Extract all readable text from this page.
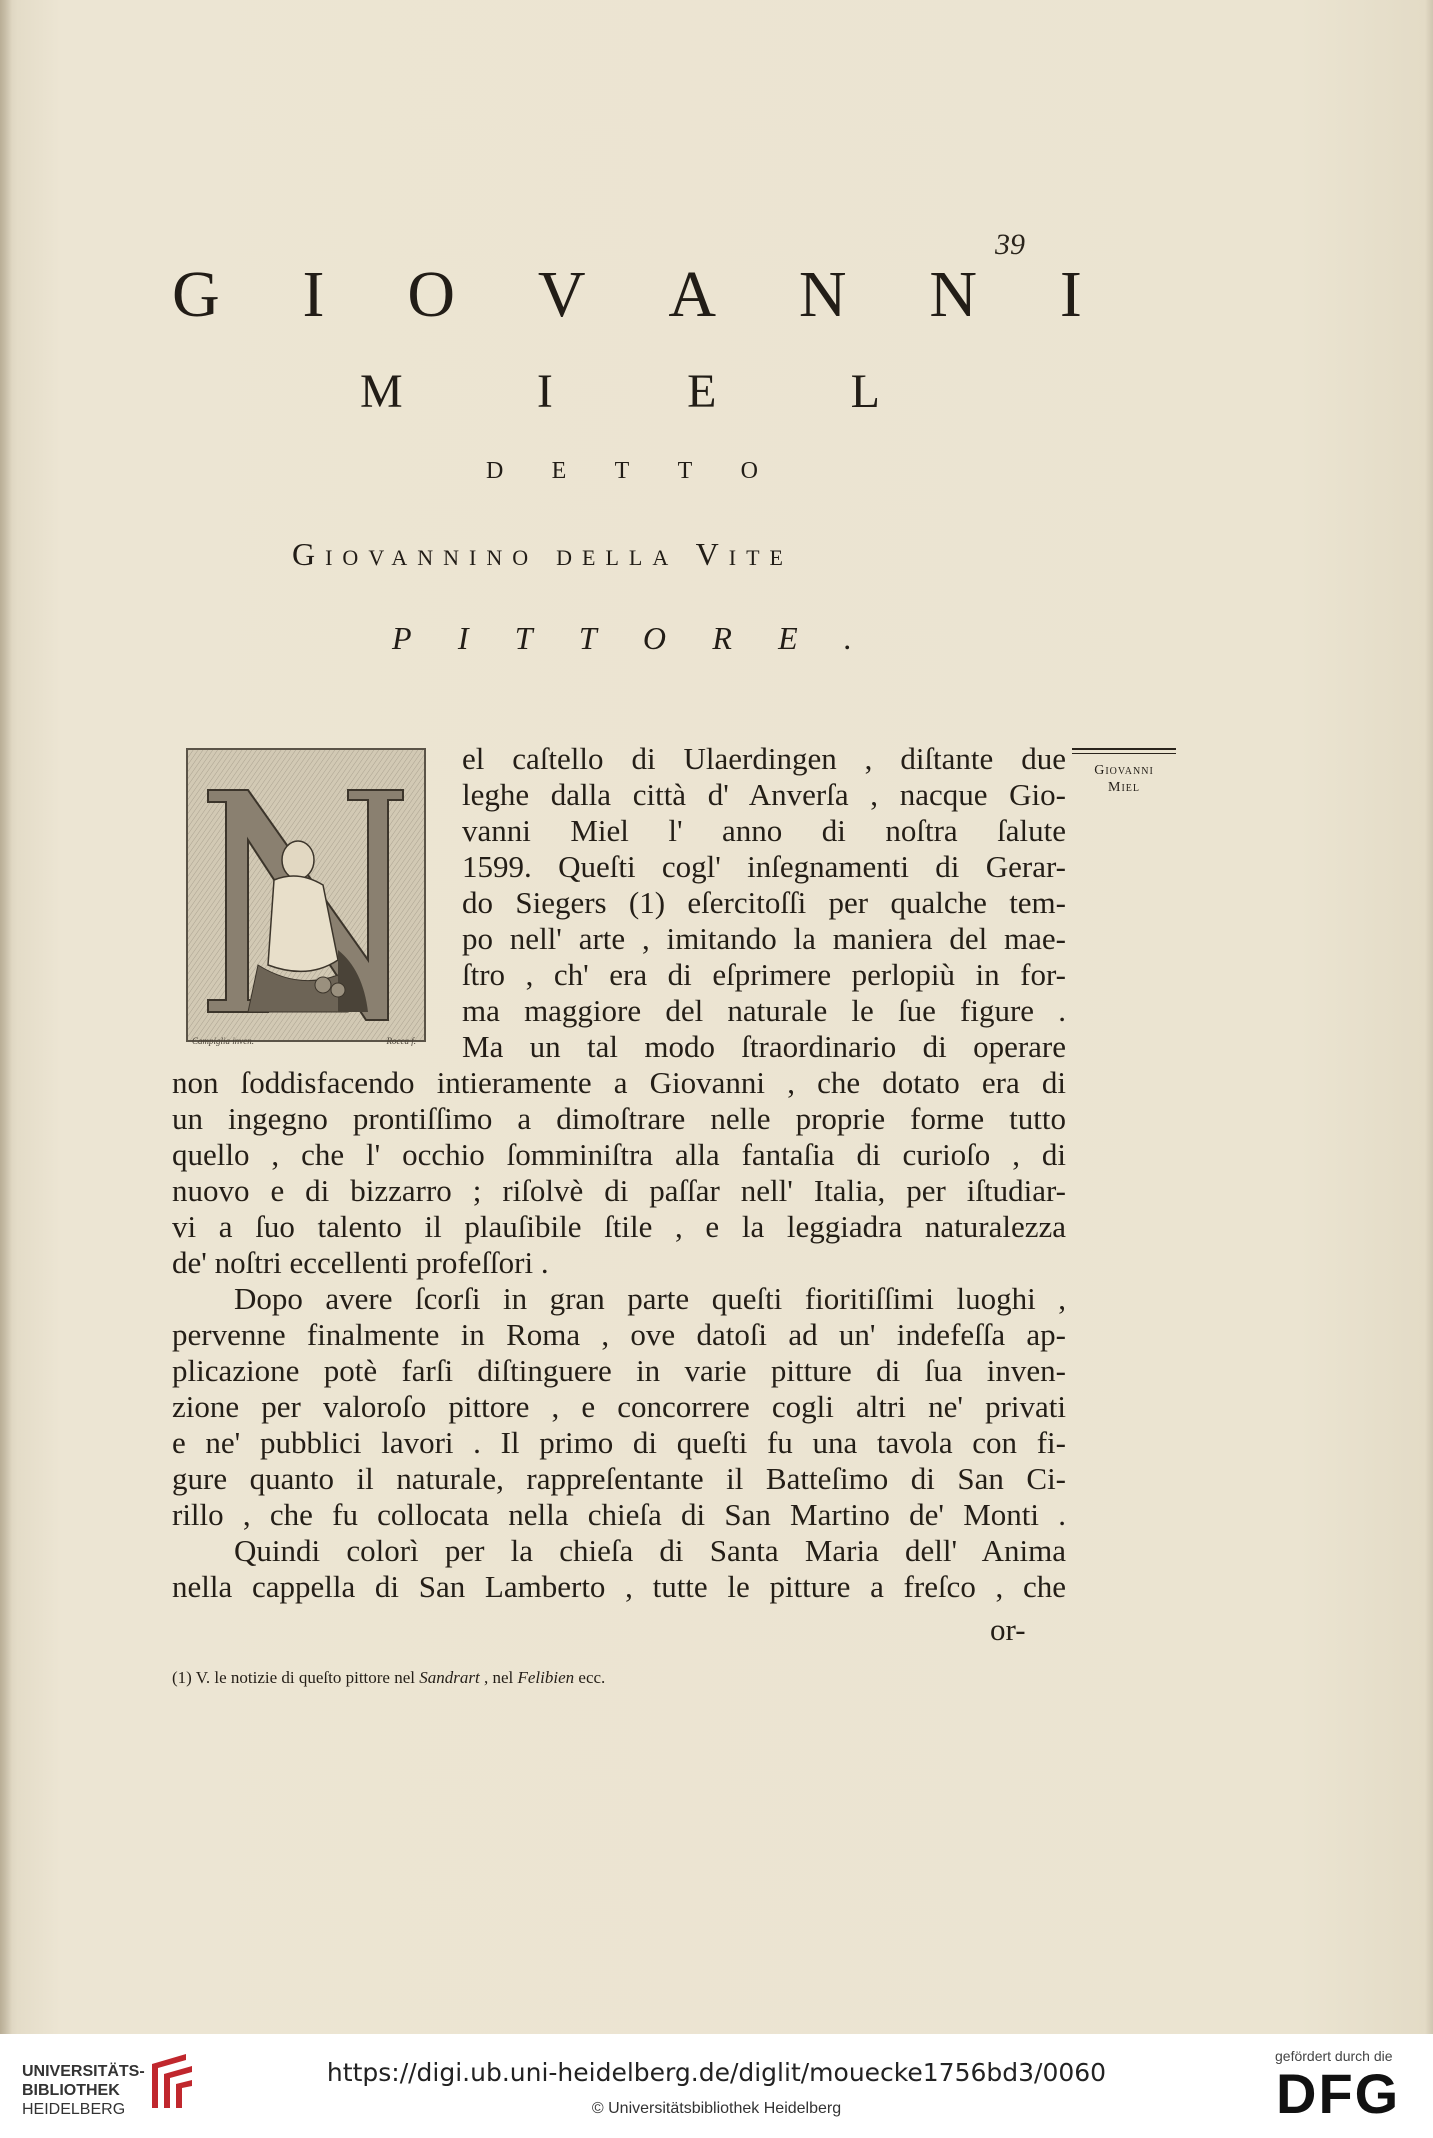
39
G I O V A N N I
M	I	E	L
D E T T O
Giovannino della Vite
P I T T O R E .
Campiglia inven.	Rocca f.
Giovanni
Miel
el caſtello di Ulaerdingen , diſtante due
leghe dalla città d' Anverſa , nacque Gio-
vanni Miel l' anno di noſtra ſalute
1599. Queſti cogl' inſegnamenti di Gerar-
do Siegers (1) eſercitoſſi per qualche tem-
po nell' arte , imitando la maniera del mae-
ſtro , ch' era di eſprimere perlopiù in for-
ma maggiore del naturale le ſue figure .
Ma un tal modo ſtraordinario di operare
non ſoddisfacendo intieramente a Giovanni , che dotato era di
un ingegno prontiſſimo a dimoſtrare nelle proprie forme tutto
quello , che l' occhio ſomminiſtra alla fantaſia di curioſo , di
nuovo e di bizzarro ; riſolvè di paſſar nell' Italia, per iſtudiar-
vi a ſuo talento il plauſibile ſtile , e la leggiadra naturalezza
de' noſtri eccellenti profeſſori .
Dopo avere ſcorſi in gran parte queſti fioritiſſimi luoghi ,
pervenne finalmente in Roma , ove datoſi ad un' indefeſſa ap-
plicazione potè farſi diſtinguere in varie pitture di ſua inven-
zione per valoroſo pittore , e concorrere cogli altri ne' privati
e ne' pubblici lavori . Il primo di queſti fu una tavola con fi-
gure quanto il naturale, rappreſentante il Batteſimo di San Ci-
rillo , che fu collocata nella chieſa di San Martino de' Monti .
Quindi colorì per la chieſa di Santa Maria dell' Anima
nella cappella di San Lamberto , tutte le pitture a freſco , che
or-
(1) V. le notizie di queſto pittore nel Sandrart , nel Felibien ecc.
UNIVERSITÄTS-
BIBLIOTHEK
HEIDELBERG
https://digi.ub.uni-heidelberg.de/diglit/mouecke1756bd3/0060
© Universitätsbibliothek Heidelberg
gefördert durch die
DFG
